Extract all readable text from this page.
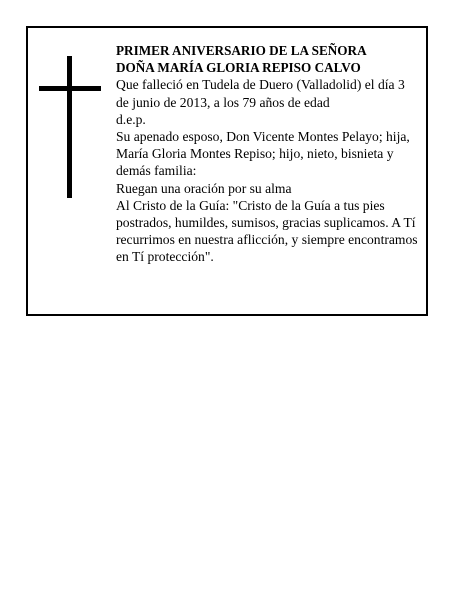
PRIMER ANIVERSARIO DE LA SEÑORA

DOÑA MARÍA GLORIA REPISO CALVO

Que falleció en Tudela de Duero (Valladolid) el día 3 de junio de 2013, a los 79 años de edad

d.e.p.

Su apenado esposo, Don Vicente Montes Pelayo; hija, María Gloria Montes Repiso; hijo, nieto, bisnieta y demás familia:

Ruegan una oración por su alma

Al Cristo de la Guía: "Cristo de la Guía a tus pies postrados, humildes, sumisos, gracias suplicamos. A Tí recurrimos en nuestra aflicción, y siempre encontramos en Tí protección".
